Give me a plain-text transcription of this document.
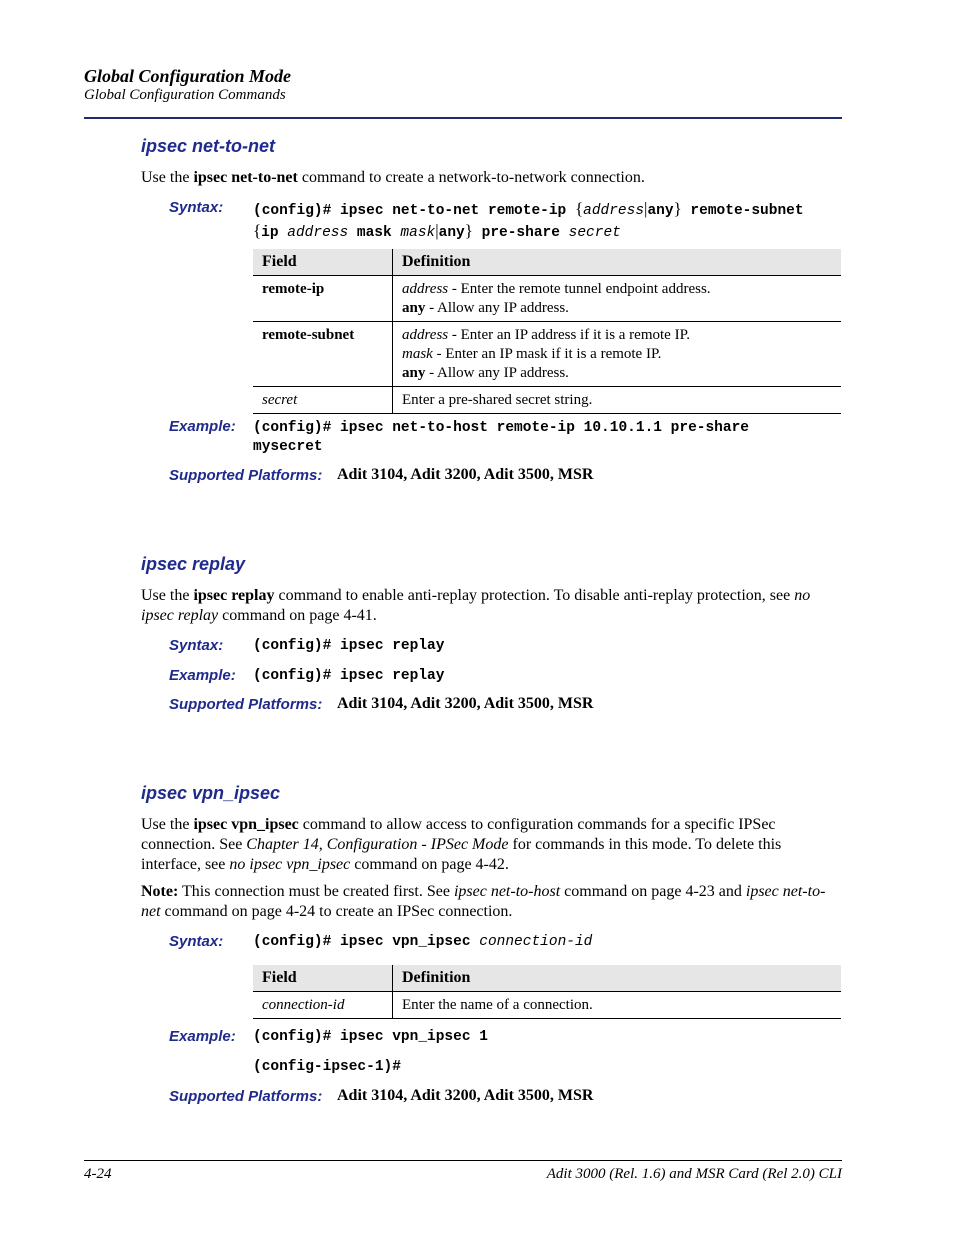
Global Configuration Mode
Global Configuration Commands
ipsec net-to-net
Use the ipsec net-to-net command to create a network-to-network connection.
Syntax: (config)# ipsec net-to-net remote-ip {address|any} remote-subnet
{ip address mask mask|any} pre-share secret
Field	Definition
remote-ip	address - Enter the remote tunnel endpoint address.
any - Allow any IP address.

remote-subnet	address - Enter an IP address if it is a remote IP.
mask - Enter an IP mask if it is a remote IP.
any - Allow any IP address.

secret	Enter a pre-shared secret string.
Example: (config)# ipsec net-to-host remote-ip 10.10.1.1 pre-share
mysecret
Supported Platforms: Adit 3104, Adit 3200, Adit 3500, MSR
ipsec replay
Use the ipsec replay command to enable anti-replay protection. To disable anti-replay protection, see no ipsec replay command on page 4-41.
Syntax: (config)# ipsec replay
Example: (config)# ipsec replay
Supported Platforms: Adit 3104, Adit 3200, Adit 3500, MSR
ipsec vpn_ipsec
Use the ipsec vpn_ipsec command to allow access to configuration commands for a specific IPSec connection. See Chapter 14, Configuration - IPSec Mode for commands in this mode. To delete this interface, see no ipsec vpn_ipsec command on page 4-42.
Note: This connection must be created first. See ipsec net-to-host command on page 4-23 and ipsec net-to-net command on page 4-24 to create an IPSec connection.
Syntax: (config)# ipsec vpn_ipsec connection-id
Field	Definition
connection-id	Enter the name of a connection.
Example: (config)# ipsec vpn_ipsec 1
(config-ipsec-1)#
Supported Platforms: Adit 3104, Adit 3200, Adit 3500, MSR
4-24	Adit 3000 (Rel. 1.6) and MSR Card (Rel 2.0) CLI
